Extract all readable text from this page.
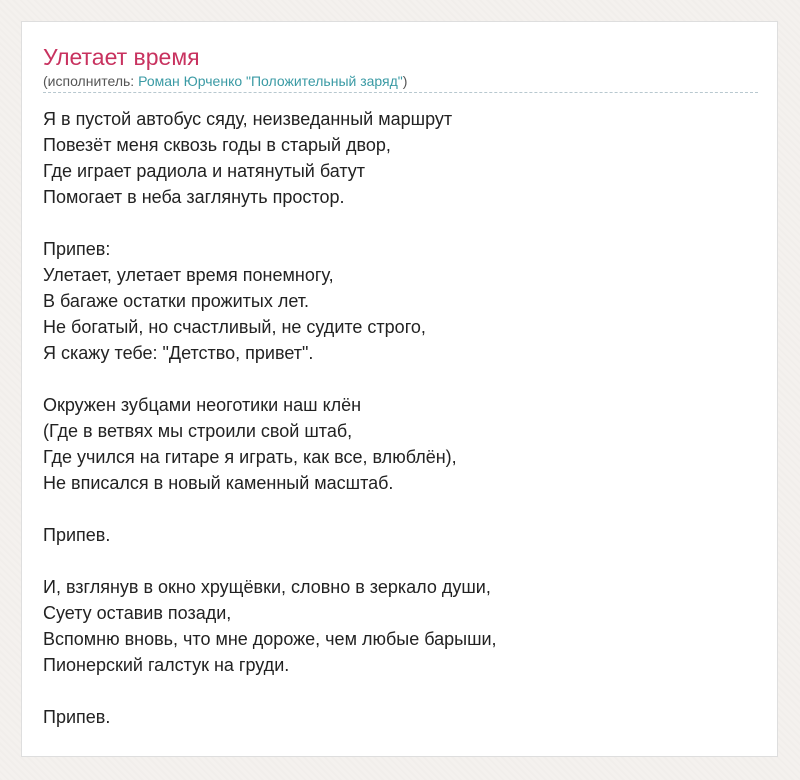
Улетает время
(исполнитель: Роман Юрченко "Положительный заряд")
Я в пустой автобус сяду, неизведанный маршрут
Повезёт меня сквозь годы в старый двор,
Где играет радиола и натянутый батут
Помогает в неба заглянуть простор.
Припев:
Улетает, улетает время понемногу,
В багаже остатки прожитых лет.
Не богатый, но счастливый, не судите строго,
Я скажу тебе: "Детство, привет".
Окружен зубцами неоготики наш клён
(Где в ветвях мы строили свой штаб,
Где учился на гитаре я играть, как все, влюблён),
Не вписался в новый каменный масштаб.
Припев.
И, взглянув в окно хрущёвки, словно в зеркало души,
Суету оставив позади,
Вспомню вновь, что мне дороже, чем любые барыши,
Пионерский галстук на груди.
Припев.
